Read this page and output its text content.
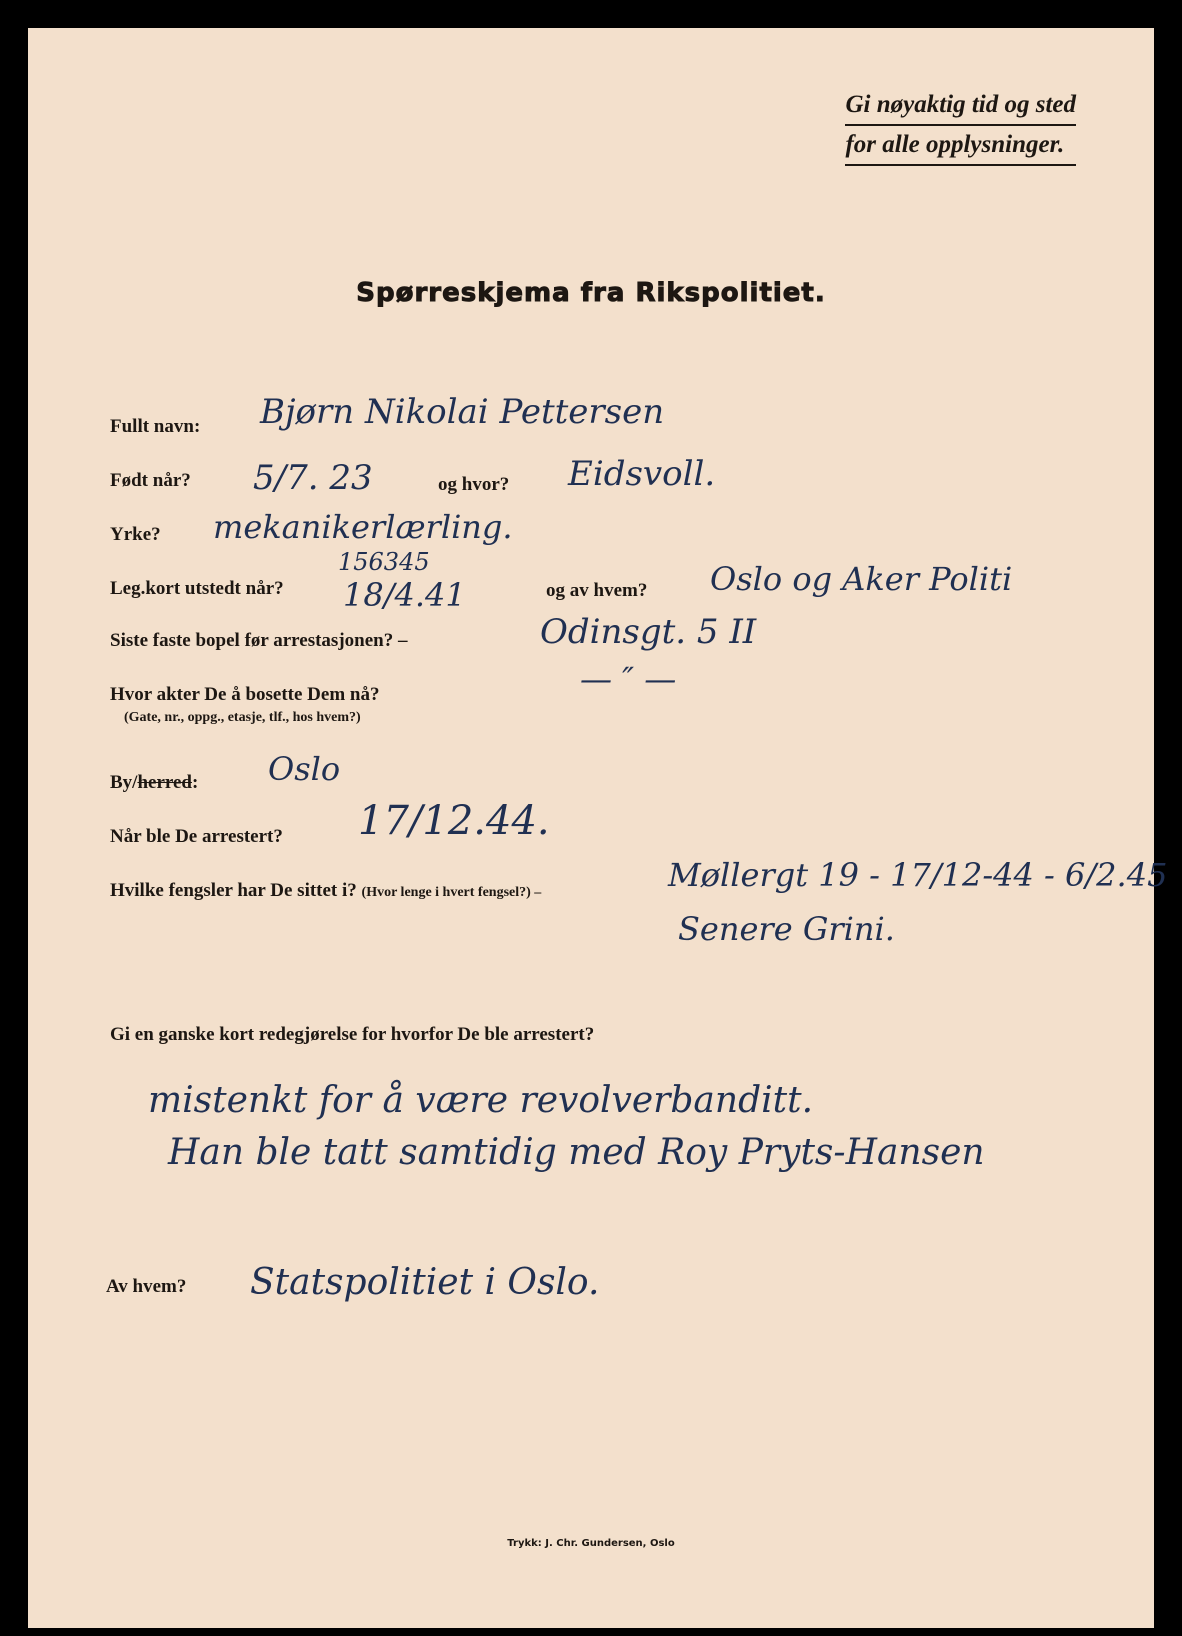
Gi nøyaktig tid og sted
for alle opplysninger.
Spørreskjema fra Rikspolitiet.
Fullt navn: Bjørn Nikolai Pettersen
Født når? 5/7. 23	og hvor? Eidsvoll.
Yrke? mekanikerlærling.
156345
Leg.kort utstedt når? 18/4.41	og av hvem? Oslo og Aker Politi
Siste faste bopel før arrestasjonen? –	Odinsgt. 5 II
Hvor akter De å bosette Dem nå?
(Gate, nr., oppg., etasje, tlf., hos hvem?)
— ″ —
By/herred: Oslo
Når ble De arrestert? 17/12.44.
Hvilke fengsler har De sittet i? (Hvor lenge i hvert fengsel?) –	Møllergt 19 - 17/12-44 - 6/2.45
Senere Grini.
Gi en ganske kort redegjørelse for hvorfor De ble arrestert?
mistenkt for å være revolverbanditt.
Han ble tatt samtidig med Roy Pryts-Hansen
Av hvem? Statspolitiet i Oslo.
Trykk: J. Chr. Gundersen, Oslo
